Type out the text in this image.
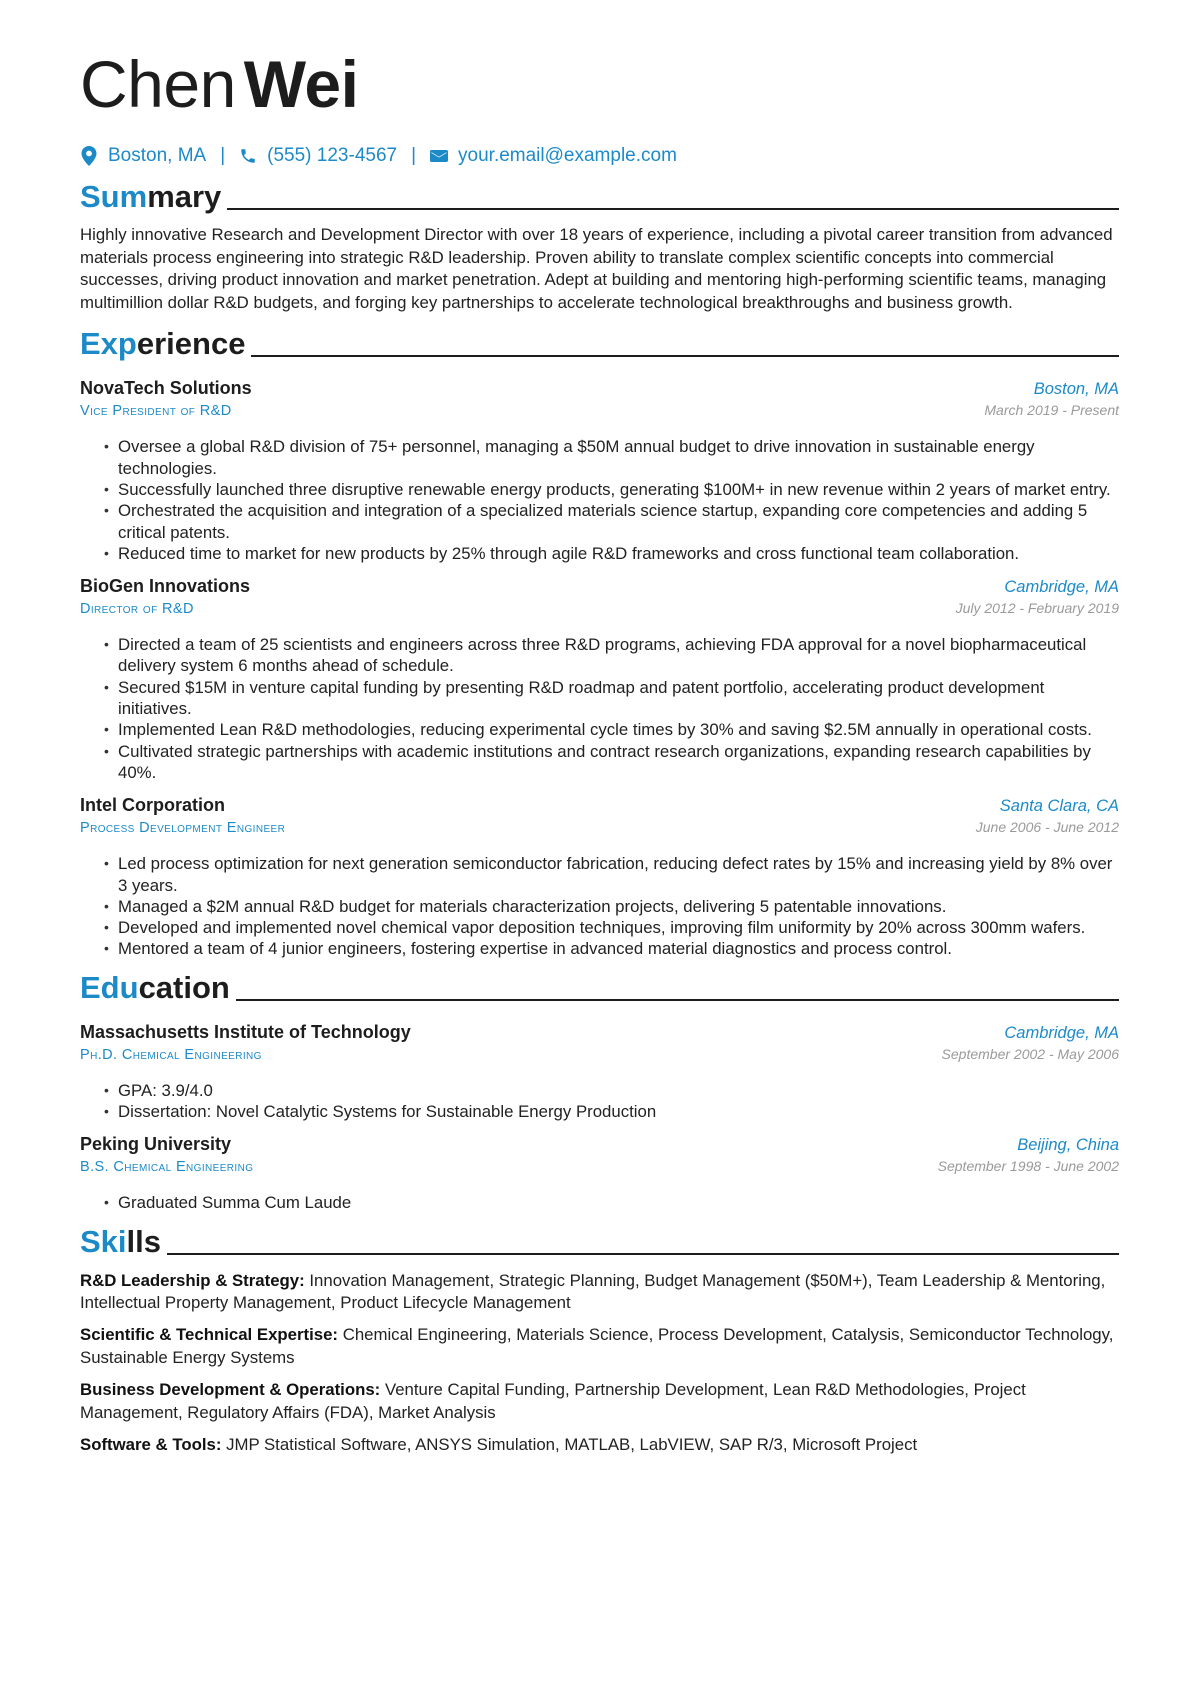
Chen Wei
Boston, MA | (555) 123-4567 | your.email@example.com
Summary

Highly innovative Research and Development Director with over 18 years of experience, including a pivotal career transition from advanced materials process engineering into strategic R&D leadership. Proven ability to translate complex scientific concepts into commercial successes, driving product innovation and market penetration. Adept at building and mentoring high-performing scientific teams, managing multimillion dollar R&D budgets, and forging key partnerships to accelerate technological breakthroughs and business growth.

Experience
NovaTech Solutions	Boston, MA
Vice President of R&D	March 2019 - Present
• Oversee a global R&D division of 75+ personnel, managing a $50M annual budget to drive innovation in sustainable energy technologies.
• Successfully launched three disruptive renewable energy products, generating $100M+ in new revenue within 2 years of market entry.
• Orchestrated the acquisition and integration of a specialized materials science startup, expanding core competencies and adding 5 critical patents.
• Reduced time to market for new products by 25% through agile R&D frameworks and cross functional team collaboration.
BioGen Innovations	Cambridge, MA
Director of R&D	July 2012 - February 2019
• Directed a team of 25 scientists and engineers across three R&D programs, achieving FDA approval for a novel biopharmaceutical delivery system 6 months ahead of schedule.
• Secured $15M in venture capital funding by presenting R&D roadmap and patent portfolio, accelerating product development initiatives.
• Implemented Lean R&D methodologies, reducing experimental cycle times by 30% and saving $2.5M annually in operational costs.
• Cultivated strategic partnerships with academic institutions and contract research organizations, expanding research capabilities by 40%.
Intel Corporation	Santa Clara, CA
Process Development Engineer	June 2006 - June 2012
• Led process optimization for next generation semiconductor fabrication, reducing defect rates by 15% and increasing yield by 8% over 3 years.
• Managed a $2M annual R&D budget for materials characterization projects, delivering 5 patentable innovations.
• Developed and implemented novel chemical vapor deposition techniques, improving film uniformity by 20% across 300mm wafers.
• Mentored a team of 4 junior engineers, fostering expertise in advanced material diagnostics and process control.
Education
Massachusetts Institute of Technology	Cambridge, MA
Ph.D. Chemical Engineering	September 2002 - May 2006
• GPA: 3.9/4.0
• Dissertation: Novel Catalytic Systems for Sustainable Energy Production
Peking University	Beijing, China
B.S. Chemical Engineering	September 1998 - June 2002
• Graduated Summa Cum Laude
Skills

R&D Leadership & Strategy: Innovation Management, Strategic Planning, Budget Management ($50M+), Team Leadership & Mentoring, Intellectual Property Management, Product Lifecycle Management

Scientific & Technical Expertise: Chemical Engineering, Materials Science, Process Development, Catalysis, Semiconductor Technology, Sustainable Energy Systems

Business Development & Operations: Venture Capital Funding, Partnership Development, Lean R&D Methodologies, Project Management, Regulatory Affairs (FDA), Market Analysis

Software & Tools: JMP Statistical Software, ANSYS Simulation, MATLAB, LabVIEW, SAP R/3, Microsoft Project
